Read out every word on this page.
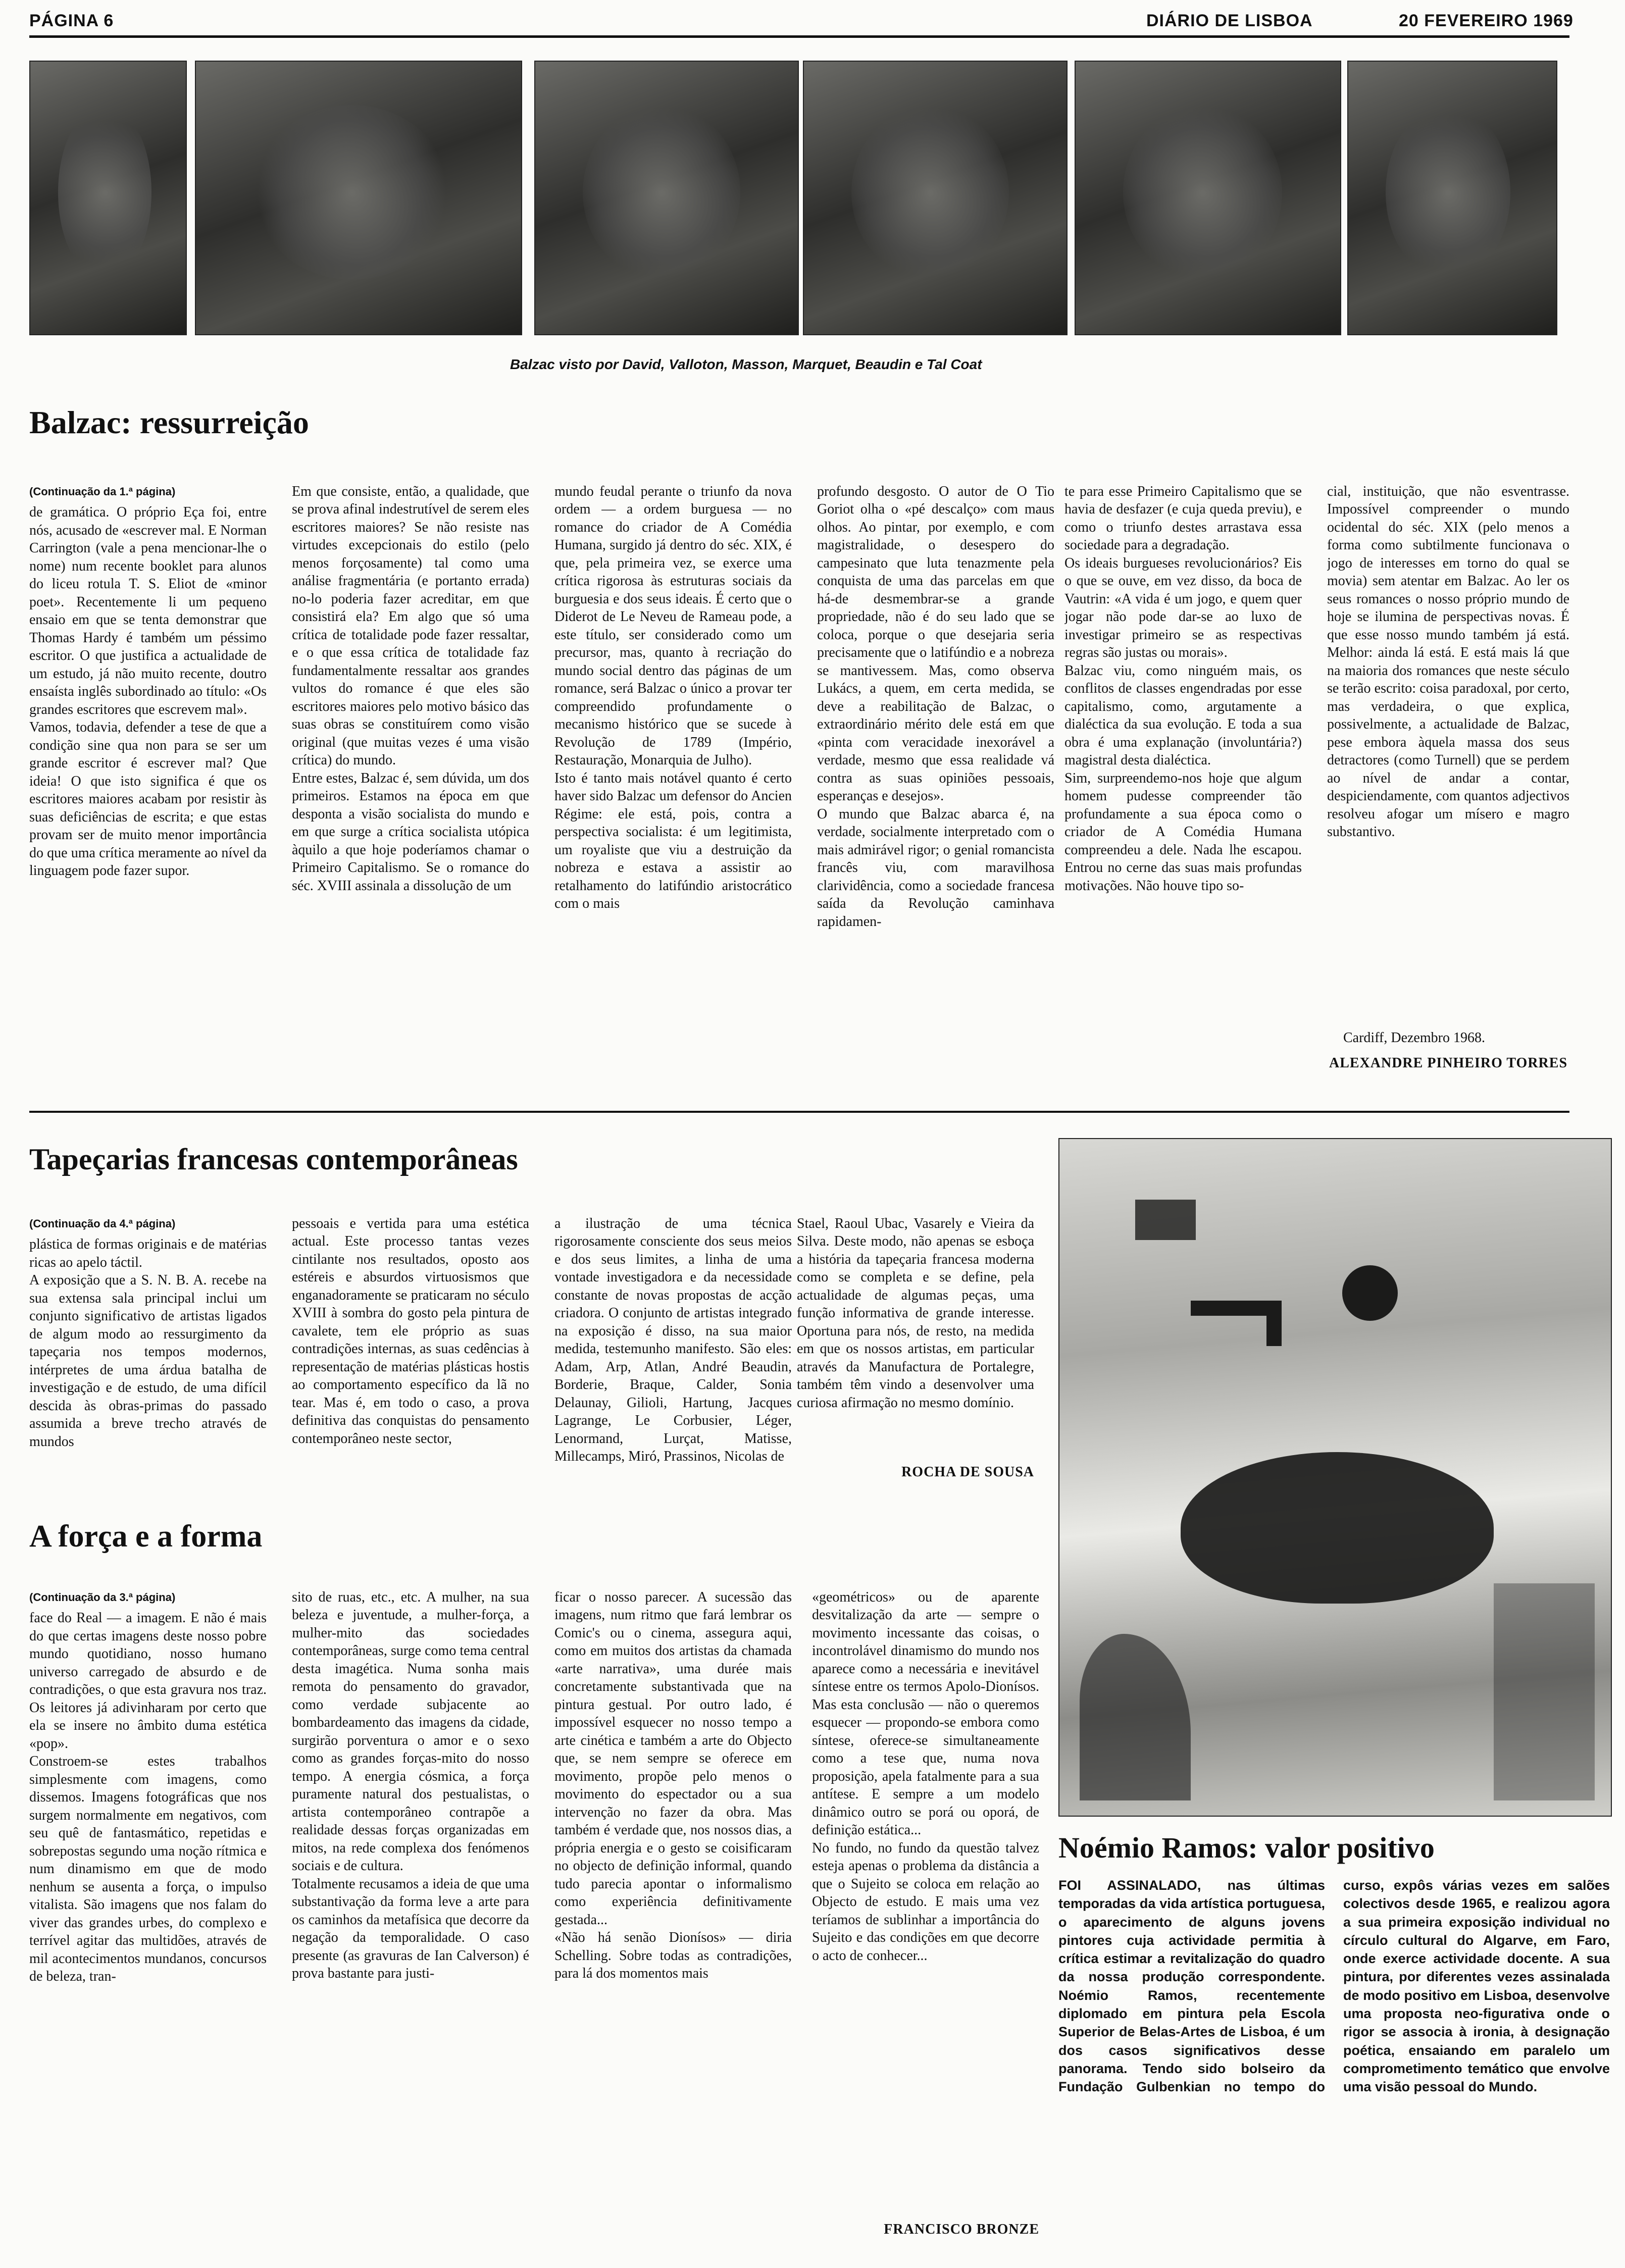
PÁGINA 6	DIÁRIO DE LISBOA	20 FEVEREIRO 1969
Balzac visto por David, Valloton, Masson, Marquet, Beaudin e Tal Coat
Balzac: ressurreição

(Continuação da 1.ª página)
de gramática. O próprio Eça foi, entre nós, acusado de «escrever mal. E Norman Carrington (vale a pena mencionar-lhe o nome) num recente booklet para alunos do liceu rotula T. S. Eliot de «minor poet». Recentemente li um pequeno ensaio em que se tenta demonstrar que Thomas Hardy é também um péssimo escritor. O que justifica a actualidade de um estudo, já não muito recente, doutro ensaísta inglês subordinado ao título: «Os grandes escritores que escrevem mal».
Vamos, todavia, defender a tese de que a condição sine qua non para se ser um grande escritor é escrever mal? Que ideia! O que isto significa é que os escritores maiores acabam por resistir às suas deficiências de escrita; e que estas provam ser de muito menor importância do que uma crítica meramente ao nível da linguagem pode fazer supor.

Em que consiste, então, a qualidade, que se prova afinal indestrutível de serem eles escritores maiores? Se não resiste nas virtudes excepcionais do estilo (pelo menos forçosamente) tal como uma análise fragmentária (e portanto errada) no-lo poderia fazer acreditar, em que consistirá ela? Em algo que só uma crítica de totalidade pode fazer ressaltar, e o que essa crítica de totalidade faz fundamentalmente ressaltar aos grandes vultos do romance é que eles são escritores maiores pelo motivo básico das suas obras se constituírem como visão original (que muitas vezes é uma visão crítica) do mundo.
Entre estes, Balzac é, sem dúvida, um dos primeiros. Estamos na época em que desponta a visão socialista do mundo e em que surge a crítica socialista utópica àquilo a que hoje poderíamos chamar o Primeiro Capitalismo. Se o romance do séc. XVIII assinala a dissolução de um

mundo feudal perante o triunfo da nova ordem — a ordem burguesa — no romance do criador de A Comédia Humana, surgido já dentro do séc. XIX, é que, pela primeira vez, se exerce uma crítica rigorosa às estruturas sociais da burguesia e dos seus ideais. É certo que o Diderot de Le Neveu de Rameau pode, a este título, ser considerado como um precursor, mas, quanto à recriação do mundo social dentro das páginas de um romance, será Balzac o único a provar ter compreendido profundamente o mecanismo histórico que se sucede à Revolução de 1789 (Império, Restauração, Monarquia de Julho).
Isto é tanto mais notável quanto é certo haver sido Balzac um defensor do Ancien Régime: ele está, pois, contra a perspectiva socialista: é um legitimista, um royaliste que viu a destruição da nobreza e estava a assistir ao retalhamento do latifúndio aristocrático com o mais

profundo desgosto. O autor de O Tio Goriot olha o «pé descalço» com maus olhos. Ao pintar, por exemplo, e com magistralidade, o desespero do campesinato que luta tenazmente pela conquista de uma das parcelas em que há-de desmembrar-se a grande propriedade, não é do seu lado que se coloca, porque o que desejaria seria precisamente que o latifúndio e a nobreza se mantivessem. Mas, como observa Lukács, a quem, em certa medida, se deve a reabilitação de Balzac, o extraordinário mérito dele está em que «pinta com veracidade inexorável a verdade, mesmo que essa realidade vá contra as suas opiniões pessoais, esperanças e desejos».
O mundo que Balzac abarca é, na verdade, socialmente interpretado com o mais admirável rigor; o genial romancista francês viu, com maravilhosa clarividência, como a sociedade francesa saída da Revolução caminhava rapidamen-

te para esse Primeiro Capitalismo que se havia de desfazer (e cuja queda previu), e como o triunfo destes arrastava essa sociedade para a degradação.
Os ideais burgueses revolucionários? Eis o que se ouve, em vez disso, da boca de Vautrin: «A vida é um jogo, e quem quer jogar não pode dar-se ao luxo de investigar primeiro se as respectivas regras são justas ou morais».
Balzac viu, como ninguém mais, os conflitos de classes engendradas por esse capitalismo, como, argutamente a dialéctica da sua evolução. E toda a sua obra é uma explanação (involuntária?) magistral desta dialéctica.
Sim, surpreendemo-nos hoje que algum homem pudesse compreender tão profundamente a sua época como o criador de A Comédia Humana compreendeu a dele. Nada lhe escapou. Entrou no cerne das suas mais profundas motivações. Não houve tipo so-

cial, instituição, que não esventrasse. Impossível compreender o mundo ocidental do séc. XIX (pelo menos a forma como subtilmente funcionava o jogo de interesses em torno do qual se movia) sem atentar em Balzac. Ao ler os seus romances o nosso próprio mundo de hoje se ilumina de perspectivas novas. É que esse nosso mundo também já está. Melhor: ainda lá está. E está mais lá que na maioria dos romances que neste século se terão escrito: coisa paradoxal, por certo, mas verdadeira, o que explica, possivelmente, a actualidade de Balzac, pese embora àquela massa dos seus detractores (como Turnell) que se perdem ao nível de andar a contar, despiciendamente, com quantos adjectivos resolveu afogar um mísero e magro substantivo.

Cardiff, Dezembro 1968.
ALEXANDRE PINHEIRO TORRES
Tapeçarias francesas contemporâneas

(Continuação da 4.ª página)
plástica de formas originais e de matérias ricas ao apelo táctil.
A exposição que a S. N. B. A. recebe na sua extensa sala principal inclui um conjunto significativo de artistas ligados de algum modo ao ressurgimento da tapeçaria nos tempos modernos, intérpretes de uma árdua batalha de investigação e de estudo, de uma difícil descida às obras-primas do passado assumida a breve trecho através de mundos

pessoais e vertida para uma estética actual. Este processo tantas vezes cintilante nos resultados, oposto aos estéreis e absurdos virtuosismos que enganadoramente se praticaram no século XVIII à sombra do gosto pela pintura de cavalete, tem ele próprio as suas contradições internas, as suas cedências à representação de matérias plásticas hostis ao comportamento específico da lã no tear. Mas é, em todo o caso, a prova definitiva das conquistas do pensamento contemporâneo neste sector,

a ilustração de uma técnica rigorosamente consciente dos seus meios e dos seus limites, a linha de uma vontade investigadora e da necessidade constante de novas propostas de acção criadora. O conjunto de artistas integrado na exposição é disso, na sua maior medida, testemunho manifesto. São eles: Adam, Arp, Atlan, André Beaudin, Borderie, Braque, Calder, Sonia Delaunay, Gilioli, Hartung, Jacques Lagrange, Le Corbusier, Léger, Lenormand, Lurçat, Matisse, Millecamps, Miró, Prassinos, Nicolas de

Stael, Raoul Ubac, Vasarely e Vieira da Silva. Deste modo, não apenas se esboça a história da tapeçaria francesa moderna como se completa e se define, pela actualidade de algumas peças, uma função informativa de grande interesse. Oportuna para nós, de resto, na medida em que os nossos artistas, em particular através da Manufactura de Portalegre, também têm vindo a desenvolver uma curiosa afirmação no mesmo domínio.

ROCHA DE SOUSA
A força e a forma

(Continuação da 3.ª página)
face do Real — a imagem. E não é mais do que certas imagens deste nosso pobre mundo quotidiano, nosso humano universo carregado de absurdo e de contradições, o que esta gravura nos traz. Os leitores já adivinharam por certo que ela se insere no âmbito duma estética «pop».
Constroem-se estes trabalhos simplesmente com imagens, como dissemos. Imagens fotográficas que nos surgem normalmente em negativos, com seu quê de fantasmático, repetidas e sobrepostas segundo uma noção rítmica e num dinamismo em que de modo nenhum se ausenta a força, o impulso vitalista. São imagens que nos falam do viver das grandes urbes, do complexo e terrível agitar das multidões, através de mil acontecimentos mundanos, concursos de beleza, tran-

sito de ruas, etc., etc. A mulher, na sua beleza e juventude, a mulher-força, a mulher-mito das sociedades contemporâneas, surge como tema central desta imagética. Numa sonha mais remota do pensamento do gravador, como verdade subjacente ao bombardeamento das imagens da cidade, surgirão porventura o amor e o sexo como as grandes forças-mito do nosso tempo. A energia cósmica, a força puramente natural dos pestualistas, o artista contemporâneo contrapõe a realidade dessas forças organizadas em mitos, na rede complexa dos fenómenos sociais e de cultura.
Totalmente recusamos a ideia de que uma substantivação da forma leve a arte para os caminhos da metafísica que decorre da negação da temporalidade. O caso presente (as gravuras de Ian Calverson) é prova bastante para justi-

ficar o nosso parecer. A sucessão das imagens, num ritmo que fará lembrar os Comic's ou o cinema, assegura aqui, como em muitos dos artistas da chamada «arte narrativa», uma durée mais concretamente substantivada que na pintura gestual. Por outro lado, é impossível esquecer no nosso tempo a arte cinética e também a arte do Objecto que, se nem sempre se oferece em movimento, propõe pelo menos o movimento do espectador ou a sua intervenção no fazer da obra. Mas também é verdade que, nos nossos dias, a própria energia e o gesto se coisificaram no objecto de definição informal, quando tudo parecia apontar o informalismo como experiência definitivamente gestada...
«Não há senão Dionísos» — diria Schelling. Sobre todas as contradições, para lá dos momentos mais

«geométricos» ou de aparente desvitalização da arte — sempre o movimento incessante das coisas, o incontrolável dinamismo do mundo nos aparece como a necessária e inevitável síntese entre os termos Apolo-Dionísos. Mas esta conclusão — não o queremos esquecer — propondo-se embora como síntese, oferece-se simultaneamente como a tese que, numa nova proposição, apela fatalmente para a sua antítese. E sempre a um modelo dinâmico outro se porá ou oporá, de definição estática...
No fundo, no fundo da questão talvez esteja apenas o problema da distância a que o Sujeito se coloca em relação ao Objecto de estudo. E mais uma vez teríamos de sublinhar a importância do Sujeito e das condições em que decorre o acto de conhecer...

FRANCISCO BRONZE
Noémio Ramos: valor positivo
FOI ASSINALADO, nas últimas temporadas da vida artística portuguesa, o aparecimento de alguns jovens pintores cuja actividade permitia à crítica estimar a revitalização do quadro da nossa produção correspondente. Noémio Ramos, recentemente diplomado em pintura pela Escola Superior de Belas-Artes de Lisboa, é um dos casos significativos desse panorama. Tendo sido bolseiro da Fundação Gulbenkian no tempo do curso, expôs várias vezes em salões colectivos desde 1965, e realizou agora a sua primeira exposição individual no círculo cultural do Algarve, em Faro, onde exerce actividade docente. A sua pintura, por diferentes vezes assinalada de modo positivo em Lisboa, desenvolve uma proposta neo-figurativa onde o rigor se associa à ironia, à designação poética, ensaiando em paralelo um comprometimento temático que envolve uma visão pessoal do Mundo.
